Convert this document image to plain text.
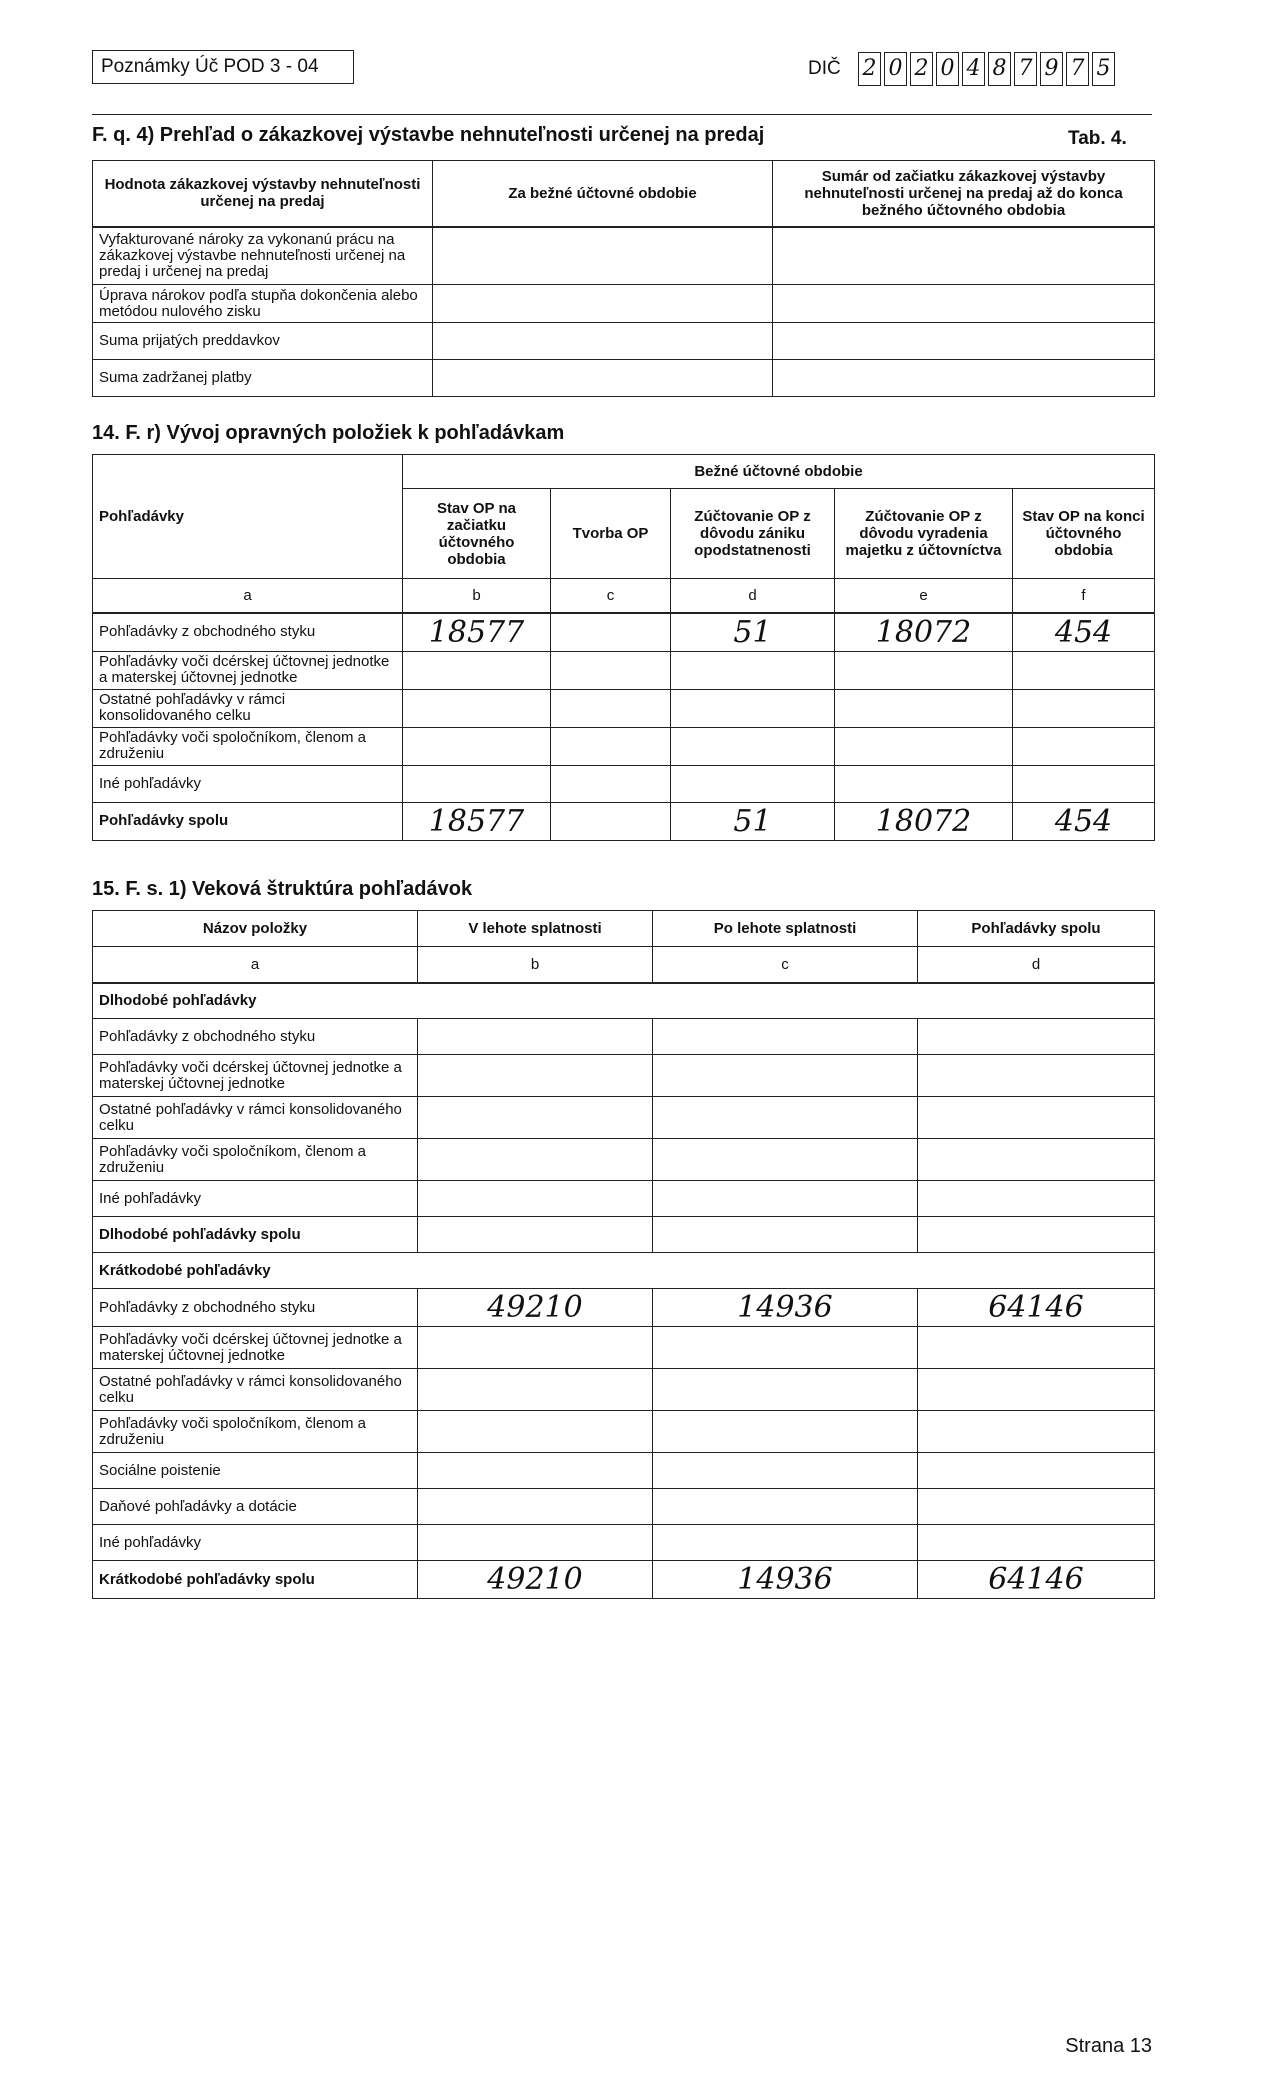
Poznámky Úč POD 3 - 04	DIČ 2 0 2 0 4 8 7 9 7 5
F. q. 4) Prehľad o zákazkovej výstavbe nehnuteľnosti určenej na predaj	Tab. 4.
Hodnota zákazkovej výstavby nehnuteľnosti určenej na predaj	Za bežné účtovné obdobie	Sumár od začiatku zákazkovej výstavby nehnuteľnosti určenej na predaj až do konca bežného účtovného obdobia
Vyfakturované nároky za vykonanú prácu na zákazkovej výstavbe nehnuteľnosti určenej na predaj i určenej na predaj		
Úprava nárokov podľa stupňa dokončenia alebo metódou nulového zisku		
Suma prijatých preddavkov		
Suma zadržanej platby		
14. F. r) Vývoj opravných položiek k pohľadávkam
Pohľadávky	Bežné účtovné obdobie				
	Stav OP na začiatku účtovného obdobia	Tvorba OP	Zúčtovanie OP z dôvodu zániku opodstatnenosti	Zúčtovanie OP z dôvodu vyradenia majetku z účtovníctva	Stav OP na konci účtovného obdobia
a	b	c	d	e	f
Pohľadávky z obchodného styku	18577		51	18072	454
Pohľadávky voči dcérskej účtovnej jednotke a materskej účtovnej jednotke					
Ostatné pohľadávky v rámci konsolidovaného celku					
Pohľadávky voči spoločníkom, členom a združeniu					
Iné pohľadávky					
Pohľadávky spolu	18577		51	18072	454
15. F. s. 1) Veková štruktúra pohľadávok
Názov položky	V lehote splatnosti	Po lehote splatnosti	Pohľadávky spolu
a	b	c	d
Dlhodobé pohľadávky			
Pohľadávky z obchodného styku			
Pohľadávky voči dcérskej účtovnej jednotke a materskej účtovnej jednotke			
Ostatné pohľadávky v rámci konsolidovaného celku			
Pohľadávky voči spoločníkom, členom a združeniu			
Iné pohľadávky			
Dlhodobé pohľadávky spolu			
Krátkodobé pohľadávky			
Pohľadávky z obchodného styku	49210	14936	64146
Pohľadávky voči dcérskej účtovnej jednotke a materskej účtovnej jednotke			
Ostatné pohľadávky v rámci konsolidovaného celku			
Pohľadávky voči spoločníkom, členom a združeniu			
Sociálne poistenie			
Daňové pohľadávky a dotácie			
Iné pohľadávky			
Krátkodobé pohľadávky spolu	49210	14936	64146
Strana 13
